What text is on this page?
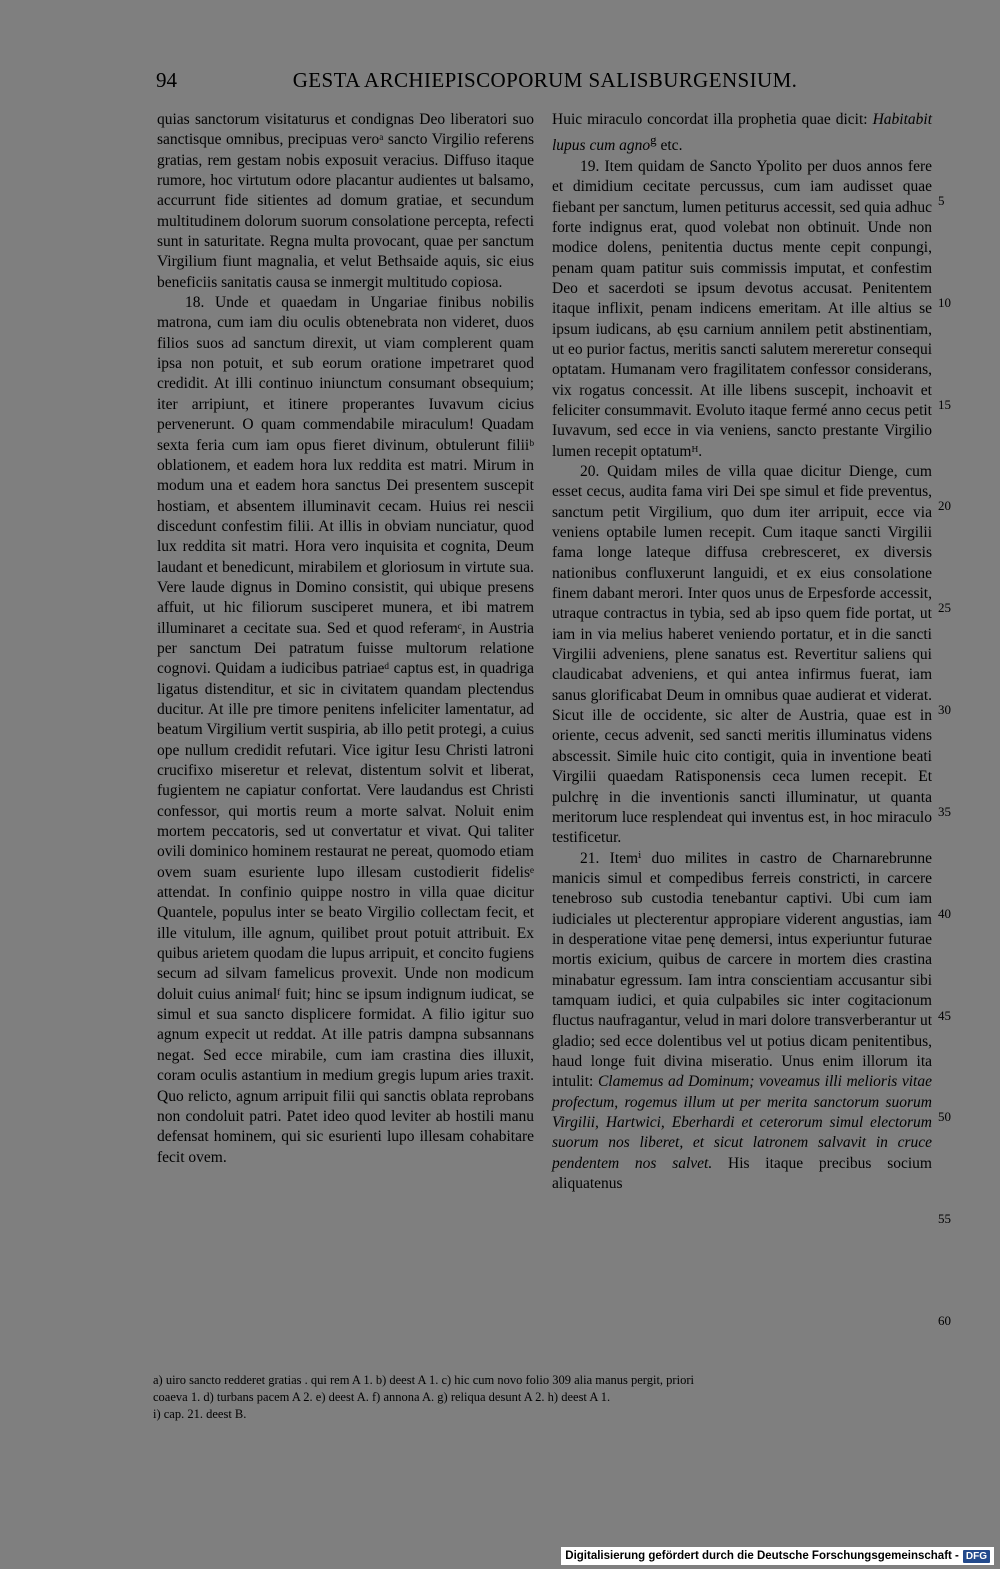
94	GESTA ARCHIEPISCOPORUM SALISBURGENSIUM.

quias sanctorum visitaturus et condignas Deo liberatori suo sanctisque omnibus, precipuas veroᵃ sancto Virgilio referens gratias, rem gestam nobis exposuit veracius. Diffuso itaque rumore, hoc virtutum odore placantur audientes ut balsamo, accurrunt fide sitientes ad domum gratiae, et secundum multitudinem dolorum suorum consolatione percepta, refecti sunt in saturitate. Regna multa provocant, quae per sanctum Virgilium fiunt magnalia, et velut Bethsaide aquis, sic eius beneficiis sanitatis causa se inmergit multitudo copiosa.

18. Unde et quaedam in Ungariae finibus nobilis matrona, cum iam diu oculis obtenebrata non videret, duos filios suos ad sanctum direxit, ut viam complerent quam ipsa non potuit, et sub eorum oratione impetraret quod credidit. At illi continuo iniunctum consumant obsequium; iter arripiunt, et itinere properantes Iuvavum cicius pervenerunt. O quam commendabile miraculum! Quadam sexta feria cum iam opus fieret divinum, obtulerunt filiiᵇ oblationem, et eadem hora lux reddita est matri. Mirum in modum una et eadem hora sanctus Dei presentem suscepit hostiam, et absentem illuminavit cecam. Huius rei nescii discedunt confestim filii. At illis in obviam nunciatur, quod lux reddita sit matri. Hora vero inquisita et cognita, Deum laudant et benedicunt, mirabilem et gloriosum in virtute sua. Vere laude dignus in Domino consistit, qui ubique presens affuit, ut hic filiorum susciperet munera, et ibi matrem illuminaret a cecitate sua. Sed et quod referamᶜ, in Austria per sanctum Dei patratum fuisse multorum relatione cognovi. Quidam a iudicibus patriaeᵈ captus est, in quadriga ligatus distenditur, et sic in civitatem quandam plectendus ducitur. At ille pre timore penitens infeliciter lamentatur, ad beatum Virgilium vertit suspiria, ab illo petit protegi, a cuius ope nullum credidit refutari. Vice igitur Iesu Christi latroni crucifixo miseretur et relevat, distentum solvit et liberat, fugientem ne capiatur confortat. Vere laudandus est Christi confessor, qui mortis reum a morte salvat. Noluit enim mortem peccatoris, sed ut convertatur et vivat. Qui taliter ovili dominico hominem restaurat ne pereat, quomodo etiam ovem suam esuriente lupo illesam custodierit fidelisᵉ attendat. In confinio quippe nostro in villa quae dicitur Quantele, populus inter se beato Virgilio collectam fecit, et ille vitulum, ille agnum, quilibet prout potuit attribuit. Ex quibus arietem quodam die lupus arripuit, et concito fugiens secum ad silvam famelicus provexit. Unde non modicum doluit cuius animalᶠ fuit; hinc se ipsum indignum iudicat, se simul et sua sancto displicere formidat. A filio igitur suo agnum expecit ut reddat. At ille patris dampna subsannans negat. Sed ecce mirabile, cum iam crastina dies illuxit, coram oculis astantium in medium gregis lupum aries traxit. Quo relicto, agnum arripuit filii qui sanctis oblata reprobans non condoluit patri. Patet ideo quod leviter ab hostili manu defensat hominem, qui sic esurienti lupo illesam cohabitare fecit ovem.

Huic miraculo concordat illa prophetia quae dicit: Habitabit lupus cum agno$^g$ etc.

19. Item quidam de Sancto Ypolito per duos annos fere et dimidium cecitate percussus, cum iam audisset quae fiebant per sanctum, lumen petiturus accessit, sed quia adhuc forte indignus erat, quod volebat non obtinuit. Unde non modice dolens, penitentia ductus mente cepit conpungi, penam quam patitur suis commissis imputat, et confestim Deo et sacerdoti se ipsum devotus accusat. Penitentem itaque inflixit, penam indicens emeritam. At ille altius se ipsum iudicans, ab ęsu carnium annilem petit abstinentiam, ut eo purior factus, meritis sancti salutem mereretur consequi optatam. Humanam vero fragilitatem confessor considerans, vix rogatus concessit. At ille libens suscepit, inchoavit et feliciter consummavit. Evoluto itaque fermé anno cecus petit Iuvavum, sed ecce in via veniens, sancto prestante Virgilio lumen recepit optatumᴴ.

20. Quidam miles de villa quae dicitur Dienge, cum esset cecus, audita fama viri Dei spe simul et fide preventus, sanctum petit Virgilium, quo dum iter arripuit, ecce via veniens optabile lumen recepit. Cum itaque sancti Virgilii fama longe lateque diffusa crebresceret, ex diversis nationibus confluxerunt languidi, et ex eius consolatione finem dabant merori. Inter quos unus de Erpesforde accessit, utraque contractus in tybia, sed ab ipso quem fide portat, ut iam in via melius haberet veniendo portatur, et in die sancti Virgilii adveniens, plene sanatus est. Revertitur saliens qui claudicabat adveniens, et qui antea infirmus fuerat, iam sanus glorificabat Deum in omnibus quae audierat et viderat. Sicut ille de occidente, sic alter de Austria, quae est in oriente, cecus advenit, sed sancti meritis illuminatus videns abscessit. Simile huic cito contigit, quia in inventione beati Virgilii quaedam Ratisponensis ceca lumen recepit. Et pulchrę in die inventionis sancti illuminatur, ut quanta meritorum luce resplendeat qui inventus est, in hoc miraculo testificetur.

21. Itemⁱ duo milites in castro de Charnarebrunne manicis simul et compedibus ferreis constricti, in carcere tenebroso sub custodia tenebantur captivi. Ubi cum iam iudiciales ut plecterentur appropiare viderent angustias, iam in desperatione vitae penę demersi, intus experiuntur futurae mortis exicium, quibus de carcere in mortem dies crastina minabatur egressum. Iam intra conscientiam accusantur sibi tamquam iudici, et quia culpabiles sic inter cogitacionum fluctus naufragantur, velud in mari dolore transverberantur ut gladio; sed ecce dolentibus vel ut potius dicam penitentibus, haud longe fuit divina miseratio. Unus enim illorum ita intulit: Clamemus ad Dominum; voveamus illi melioris vitae profectum, rogemus illum ut per merita sanctorum suorum Virgilii, Hartwici, Eberhardi et ceterorum simul electorum suorum nos liberet, et sicut latronem salvavit in cruce pendentem nos salvet. His itaque precibus socium aliquatenus

5
10
15
20
25
30
35
40
45
50
55
60
a) uiro sancto redderet gratias . qui rem A 1. b) deest A 1. c) hic cum novo folio 309 alia manus pergit, priori
coaeva 1. d) turbans pacem A 2. e) deest A. f) annona A. g) reliqua desunt A 2. h) deest A 1.
i) cap. 21. deest B.
Digitalisierung gefördert durch die Deutsche Forschungsgemeinschaft - DFG
